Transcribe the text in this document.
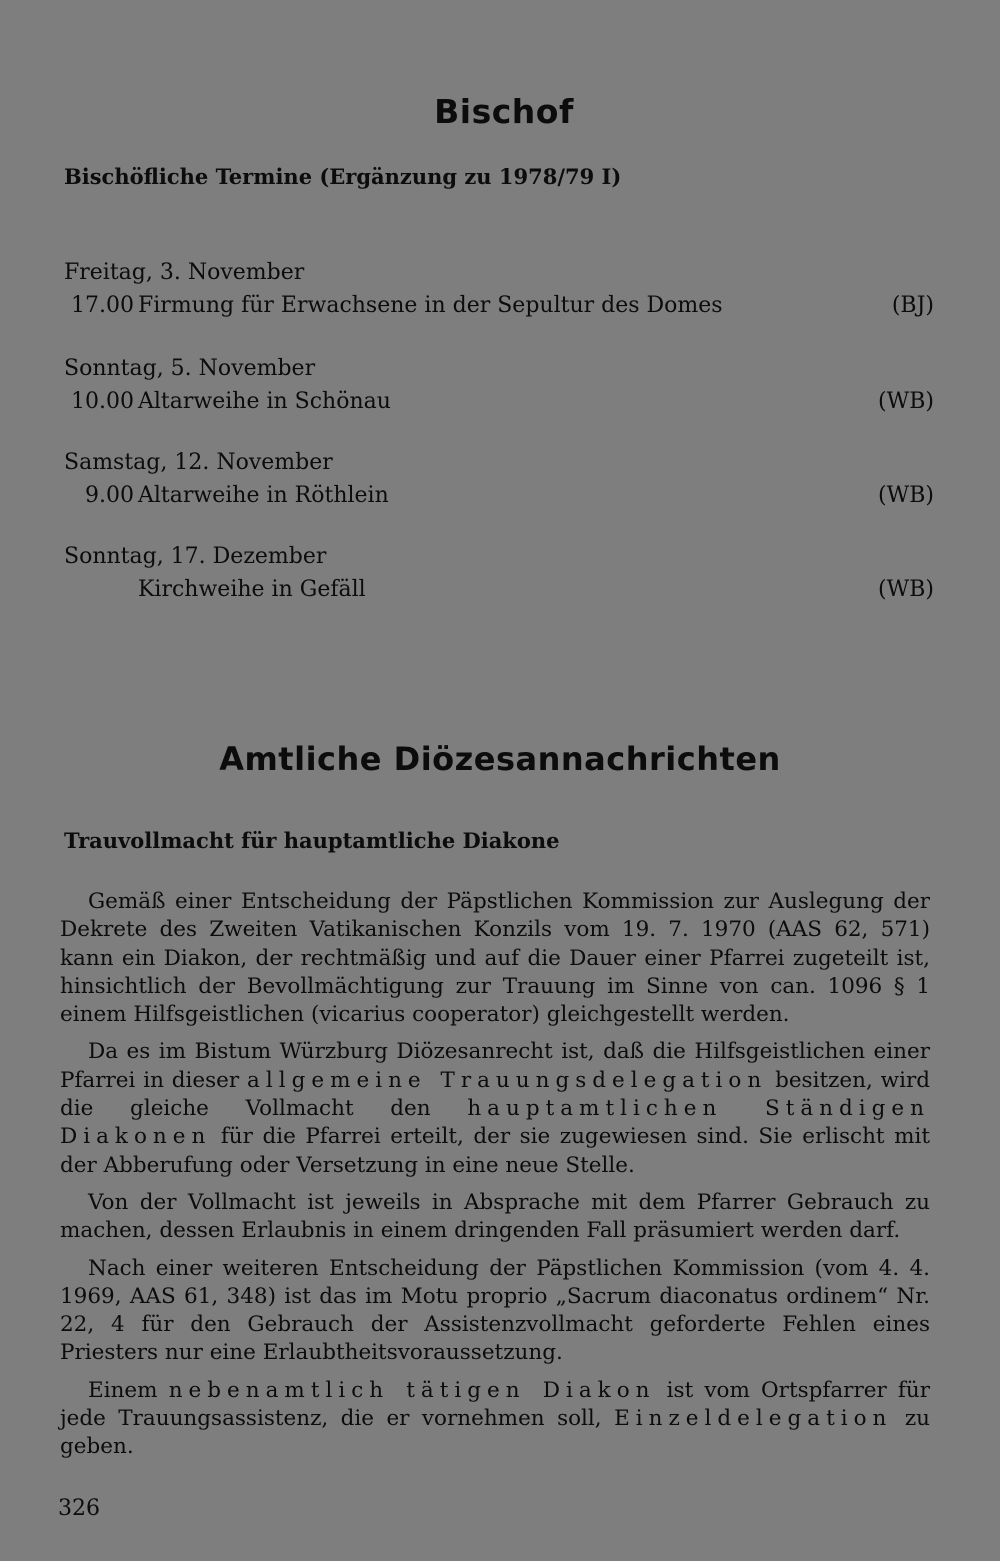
Bischof
Bischöfliche Termine (Ergänzung zu 1978/79 I)
Freitag, 3. November
17.00 Firmung für Erwachsene in der Sepultur des Domes	(BJ)
Sonntag, 5. November
10.00 Altarweihe in Schönau	(WB)
Samstag, 12. November
9.00 Altarweihe in Röthlein	(WB)
Sonntag, 17. Dezember
Kirchweihe in Gefäll	(WB)
Amtliche Diözesannachrichten
Trauvollmacht für hauptamtliche Diakone

Gemäß einer Entscheidung der Päpstlichen Kommission zur Auslegung der Dekrete des Zweiten Vatikanischen Konzils vom 19. 7. 1970 (AAS 62, 571) kann ein Diakon, der rechtmäßig und auf die Dauer einer Pfarrei zugeteilt ist, hinsichtlich der Bevollmächtigung zur Trauung im Sinne von can. 1096 § 1 einem Hilfsgeistlichen (vicarius cooperator) gleichgestellt werden.

Da es im Bistum Würzburg Diözesanrecht ist, daß die Hilfsgeistlichen einer Pfarrei in dieser allgemeine Trauungsdelegation besitzen, wird die gleiche Vollmacht den hauptamtlichen Ständigen Diakonen für die Pfarrei erteilt, der sie zugewiesen sind. Sie erlischt mit der Abberufung oder Versetzung in eine neue Stelle.

Von der Vollmacht ist jeweils in Absprache mit dem Pfarrer Gebrauch zu machen, dessen Erlaubnis in einem dringenden Fall präsumiert werden darf.

Nach einer weiteren Entscheidung der Päpstlichen Kommission (vom 4. 4. 1969, AAS 61, 348) ist das im Motu proprio „Sacrum diaconatus ordinem“ Nr. 22, 4 für den Gebrauch der Assistenzvollmacht geforderte Fehlen eines Priesters nur eine Erlaubtheitsvoraussetzung.

Einem nebenamtlich tätigen Diakon ist vom Ortspfarrer für jede Trauungsassistenz, die er vornehmen soll, Einzeldelegation zu geben.

326
